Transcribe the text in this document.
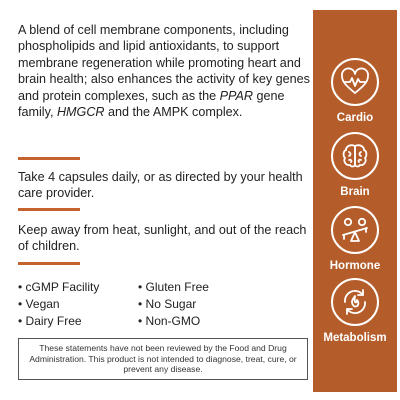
A blend of cell membrane components, including phospholipids and lipid antioxidants, to support membrane regeneration while promoting heart and brain health; also enhances the activity of key genes and protein complexes, such as the PPAR gene family, HMGCR and the AMPK complex.

Take 4 capsules daily, or as directed by your health care provider.

Keep away from heat, sunlight, and out of the reach of children.

• cGMP Facility	• Gluten Free
• Vegan	• No Sugar
• Dairy Free	• Non-GMO
These statements have not been reviewed by the Food and Drug Administration. This product is not intended to diagnose, treat, cure, or prevent any disease.
Cardio
Brain
Hormone
Metabolism
